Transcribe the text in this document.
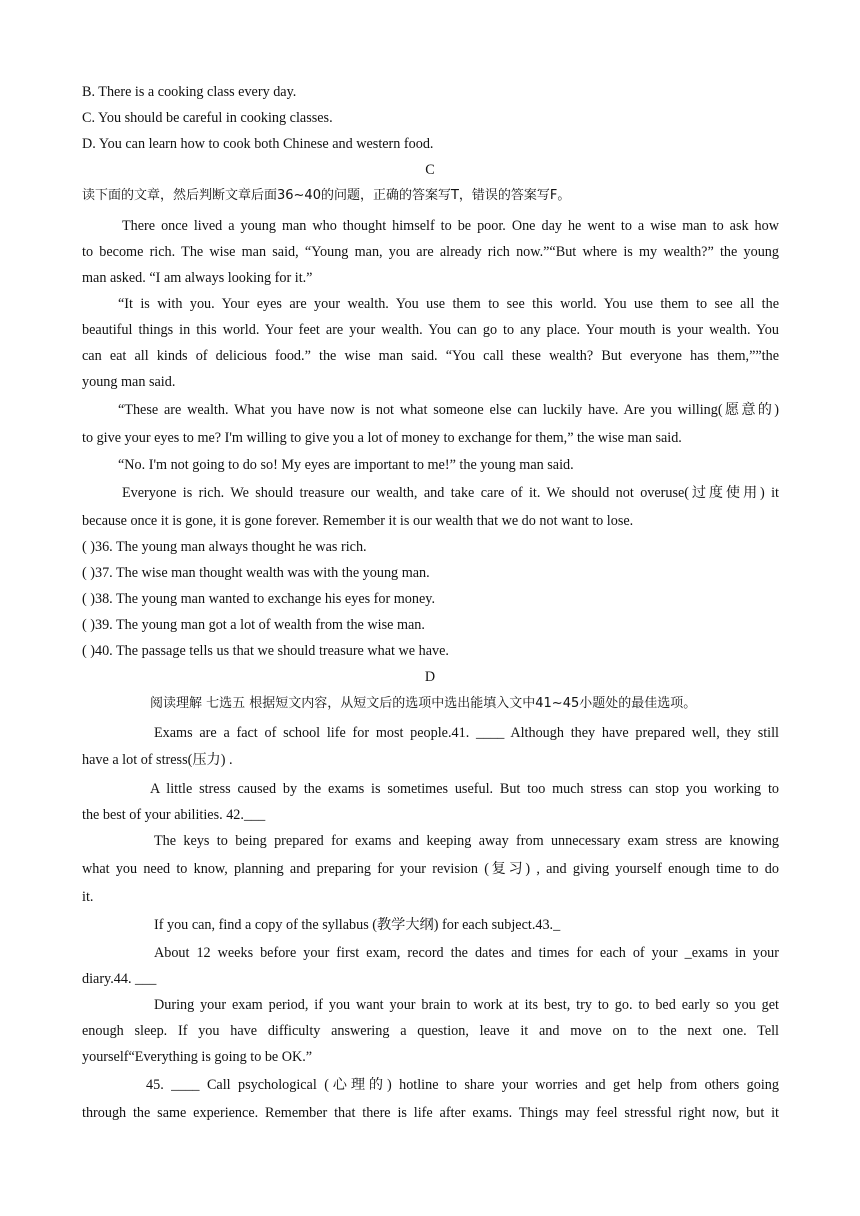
B. There is a cooking class every day.
C. You should be careful in cooking classes.
D. You can learn how to cook both Chinese and western food.
C
读下面的文章，然后判断文章后面36~40的问题，正确的答案写T，错误的答案写F。
There once lived a young man who thought himself to be poor. One day he went to a wise man to ask how
to become rich. The wise man said, “Young man, you are already rich now.”“But where is my wealth?” the young
man asked. “I am always looking for it.”
“It is with you. Your eyes are your wealth. You use them to see this world. You use them to see all the
beautiful things in this world. Your feet are your wealth. You can go to any place. Your mouth is your wealth. You
can eat all kinds of delicious food.” the wise man said. “You call these wealth? But everyone has them,””the
young man said.
“These are wealth. What you have now is not what someone else can luckily have. Are you willing(愿意的)
to give your eyes to me? I'm willing to give you a lot of money to exchange for them,” the wise man said.
“No. I'm not going to do so! My eyes are important to me!” the young man said.
Everyone is rich. We should treasure our wealth, and take care of it. We should not overuse(过度使用) it
because once it is gone, it is gone forever. Remember it is our wealth that we do not want to lose.
( )36. The young man always thought he was rich.
( )37. The wise man thought wealth was with the young man.
( )38. The young man wanted to exchange his eyes for money.
( )39. The young man got a lot of wealth from the wise man.
( )40. The passage tells us that we should treasure what we have.
D
阅读理解 七选五 根据短文内容，从短文后的选项中选出能填入文中41~45小题处的最佳选项。
Exams are a fact of school life for most people.41. ____ Although they have prepared well, they still
have a lot of stress(压力) .
A little stress caused by the exams is sometimes useful. But too much stress can stop you working to
the best of your abilities. 42.___
The keys to being prepared for exams and keeping away from unnecessary exam stress are knowing
what you need to know, planning and preparing for your revision (复习) , and giving yourself enough time to do
it.
If you can, find a copy of the syllabus (教学大纲) for each subject.43._
About 12 weeks before your first exam, record the dates and times for each of your _exams in your
diary.44. ___
During your exam period, if you want your brain to work at its best, try to go. to bed early so you get
enough sleep. If you have difficulty answering a question, leave it and move on to the next one. Tell
yourself“Everything is going to be OK.”
45. ____ Call psychological (心理的) hotline to share your worries and get help from others going
through the same experience. Remember that there is life after exams. Things may feel stressful right now, but it
